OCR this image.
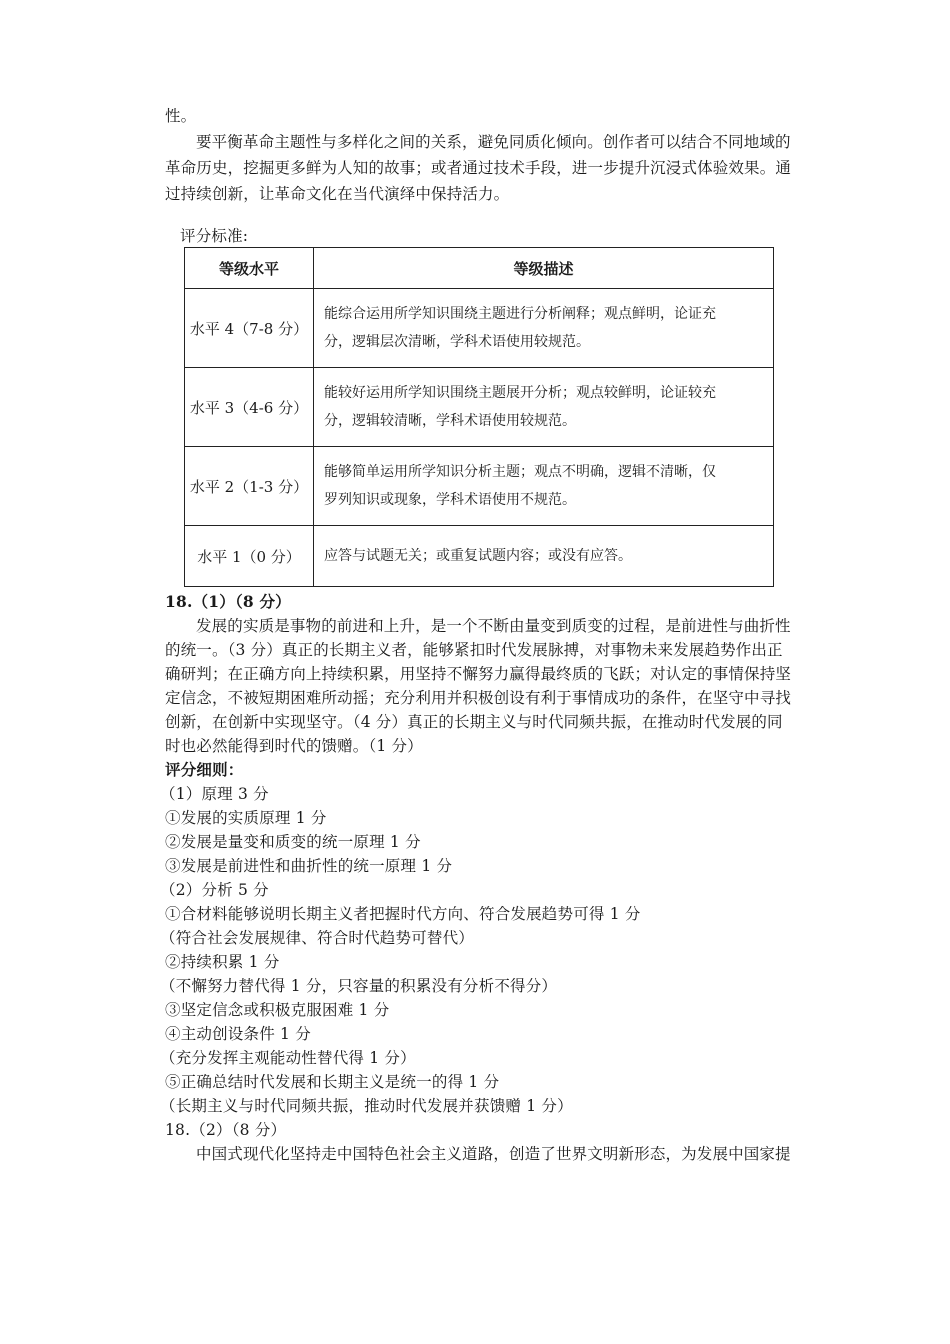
性。
要平衡革命主题性与多样化之间的关系，避免同质化倾向。创作者可以结合不同地域的
革命历史，挖掘更多鲜为人知的故事；或者通过技术手段，进一步提升沉浸式体验效果。通
过持续创新，让革命文化在当代演绎中保持活力。
评分标准:
等级水平	等级描述
水平 4（7-8 分）	能综合运用所学知识围绕主题进行分析阐释；观点鲜明，论证充
分，逻辑层次清晰，学科术语使用较规范。

水平 3（4-6 分）	能较好运用所学知识围绕主题展开分析；观点较鲜明，论证较充
分，逻辑较清晰，学科术语使用较规范。

水平 2（1-3 分）	能够简单运用所学知识分析主题；观点不明确，逻辑不清晰，仅
罗列知识或现象，学科术语使用不规范。

水平 1（0 分）	应答与试题无关；或重复试题内容；或没有应答。
18.（1）（8 分）
发展的实质是事物的前进和上升，是一个不断由量变到质变的过程，是前进性与曲折性
的统一。（3 分）真正的长期主义者，能够紧扣时代发展脉搏，对事物未来发展趋势作出正
确研判；在正确方向上持续积累，用坚持不懈努力赢得最终质的飞跃；对认定的事情保持坚
定信念，不被短期困难所动摇；充分利用并积极创设有利于事情成功的条件，在坚守中寻找
创新，在创新中实现坚守。（4 分）真正的长期主义与时代同频共振，在推动时代发展的同
时也必然能得到时代的馈赠。（1 分）
评分细则：
（1）原理 3 分
①发展的实质原理 1 分
②发展是量变和质变的统一原理 1 分
③发展是前进性和曲折性的统一原理 1 分
（2）分析 5 分
①合材料能够说明长期主义者把握时代方向、符合发展趋势可得 1 分
（符合社会发展规律、符合时代趋势可替代）
②持续积累 1 分
（不懈努力替代得 1 分，只容量的积累没有分析不得分）
③坚定信念或积极克服困难 1 分
④主动创设条件 1 分
（充分发挥主观能动性替代得 1 分）
⑤正确总结时代发展和长期主义是统一的得 1 分
（长期主义与时代同频共振，推动时代发展并获馈赠 1 分）
18.（2）（8 分）
中国式现代化坚持走中国特色社会主义道路，创造了世界文明新形态，为发展中国家提
